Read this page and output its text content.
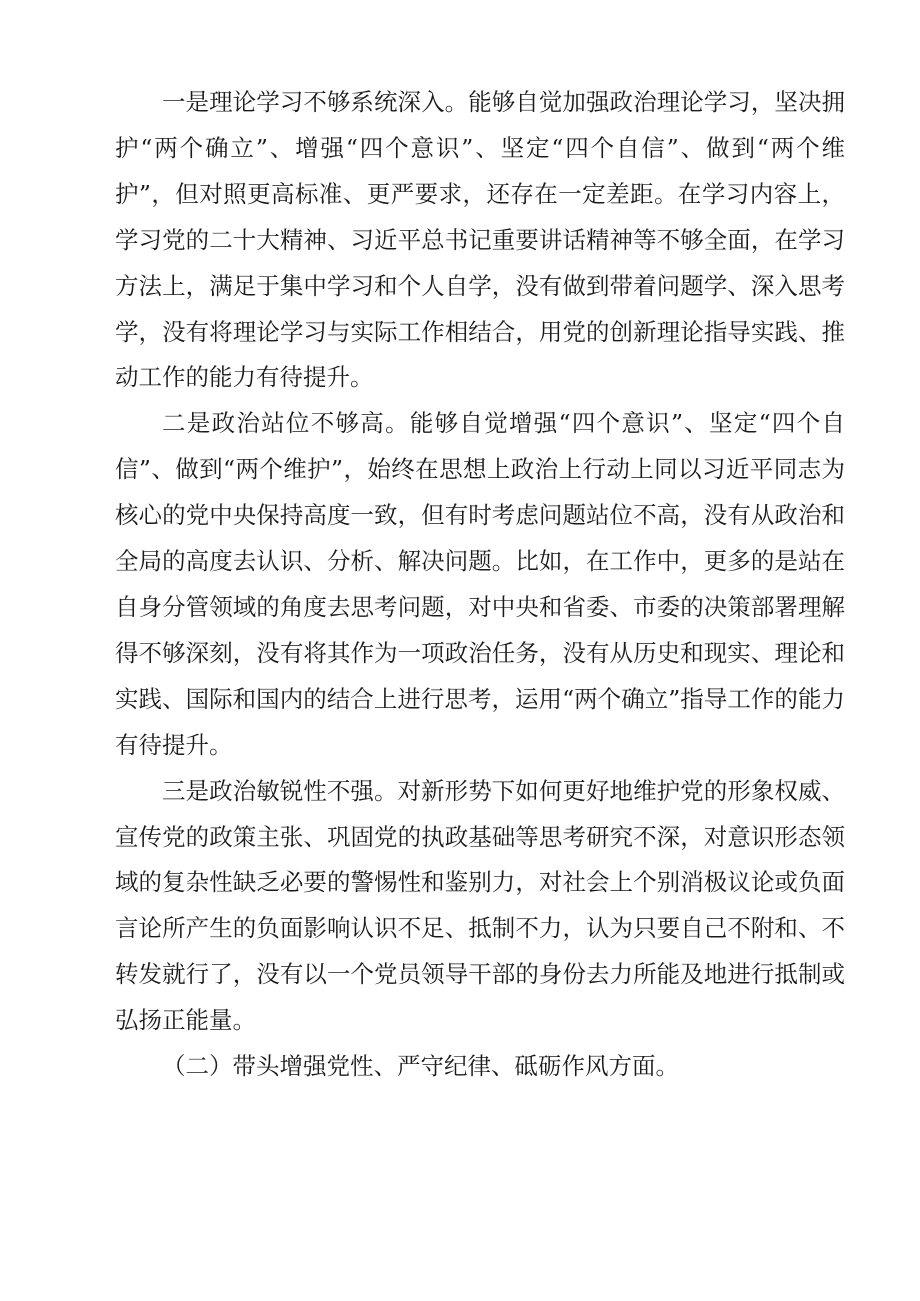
一是理论学习不够系统深入。能够自觉加强政治理论学习，坚决拥护“两个确立”、增强“四个意识”、坚定“四个自信”、做到“两个维护”，但对照更高标准、更严要求，还存在一定差距。在学习内容上，学习党的二十大精神、习近平总书记重要讲话精神等不够全面，在学习方法上，满足于集中学习和个人自学，没有做到带着问题学、深入思考学，没有将理论学习与实际工作相结合，用党的创新理论指导实践、推动工作的能力有待提升。

二是政治站位不够高。能够自觉增强“四个意识”、坚定“四个自信”、做到“两个维护”，始终在思想上政治上行动上同以习近平同志为核心的党中央保持高度一致，但有时考虑问题站位不高，没有从政治和全局的高度去认识、分析、解决问题。比如，在工作中，更多的是站在自身分管领域的角度去思考问题，对中央和省委、市委的决策部署理解得不够深刻，没有将其作为一项政治任务，没有从历史和现实、理论和实践、国际和国内的结合上进行思考，运用“两个确立”指导工作的能力有待提升。

三是政治敏锐性不强。对新形势下如何更好地维护党的形象权威、宣传党的政策主张、巩固党的执政基础等思考研究不深，对意识形态领域的复杂性缺乏必要的警惕性和鉴别力，对社会上个别消极议论或负面言论所产生的负面影响认识不足、抵制不力，认为只要自己不附和、不转发就行了，没有以一个党员领导干部的身份去力所能及地进行抵制或弘扬正能量。

（二）带头增强党性、严守纪律、砥砺作风方面。
